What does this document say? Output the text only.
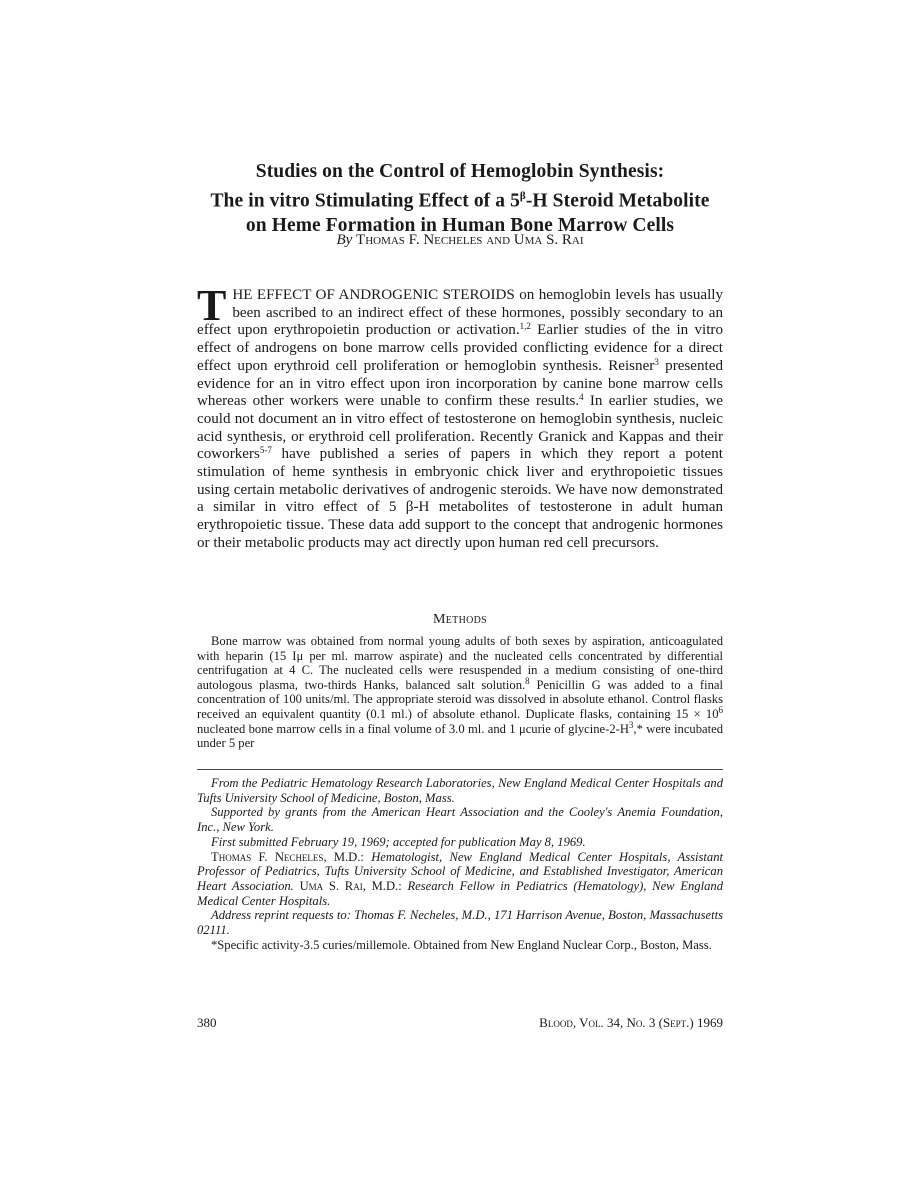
Studies on the Control of Hemoglobin Synthesis:
The in vitro Stimulating Effect of a $5^\beta-H$ Steroid Metabolite
on Heme Formation in Human Bone Marrow Cells
By Thomas F. Necheles and Uma S. Rai
THE EFFECT OF ANDROGENIC STEROIDS on hemoglobin levels has usually been ascribed to an indirect effect of these hormones, possibly secondary to an effect upon erythropoietin production or activation.$^{1,2}$ Earlier studies of the in vitro effect of androgens on bone marrow cells provided conflicting evidence for a direct effect upon erythroid cell proliferation or hemoglobin synthesis. Reisner$^3$ presented evidence for an in vitro effect upon iron incorporation by canine bone marrow cells whereas other workers were unable to confirm these results.$^4$ In earlier studies, we could not document an in vitro effect of testosterone on hemoglobin synthesis, nucleic acid synthesis, or erythroid cell proliferation. Recently Granick and Kappas and their coworkers$^{5-7}$ have published a series of papers in which they report a potent stimulation of heme synthesis in embryonic chick liver and erythropoietic tissues using certain metabolic derivatives of androgenic steroids. We have now demonstrated a similar in vitro effect of 5 β-H metabolites of testosterone in adult human erythropoietic tissue. These data add support to the concept that androgenic hormones or their metabolic products may act directly upon human red cell precursors.
Methods
Bone marrow was obtained from normal young adults of both sexes by aspiration, anticoagulated with heparin (15 Iμ per ml. marrow aspirate) and the nucleated cells concentrated by differential centrifugation at 4 C. The nucleated cells were resuspended in a medium consisting of one-third autologous plasma, two-thirds Hanks, balanced salt solution.$^8$ Penicillin G was added to a final concentration of 100 units/ml. The appropriate steroid was dissolved in absolute ethanol. Control flasks received an equivalent quantity (0.1 ml.) of absolute ethanol. Duplicate flasks, containing 15 × 10$^6$ nucleated bone marrow cells in a final volume of 3.0 ml. and 1 μcurie of glycine-2-H$^3$,* were incubated under 5 per

From the Pediatric Hematology Research Laboratories, New England Medical Center Hospitals and Tufts University School of Medicine, Boston, Mass.

Supported by grants from the American Heart Association and the Cooley's Anemia Foundation, Inc., New York.

First submitted February 19, 1969; accepted for publication May 8, 1969.

Thomas F. Necheles, M.D.: Hematologist, New England Medical Center Hospitals, Assistant Professor of Pediatrics, Tufts University School of Medicine, and Established Investigator, American Heart Association. Uma S. Rai, M.D.: Research Fellow in Pediatrics (Hematology), New England Medical Center Hospitals.

Address reprint requests to: Thomas F. Necheles, M.D., 171 Harrison Avenue, Boston, Massachusetts 02111.

*Specific activity-3.5 curies/millemole. Obtained from New England Nuclear Corp., Boston, Mass.

380	Blood, Vol. 34, No. 3 (Sept.) 1969
